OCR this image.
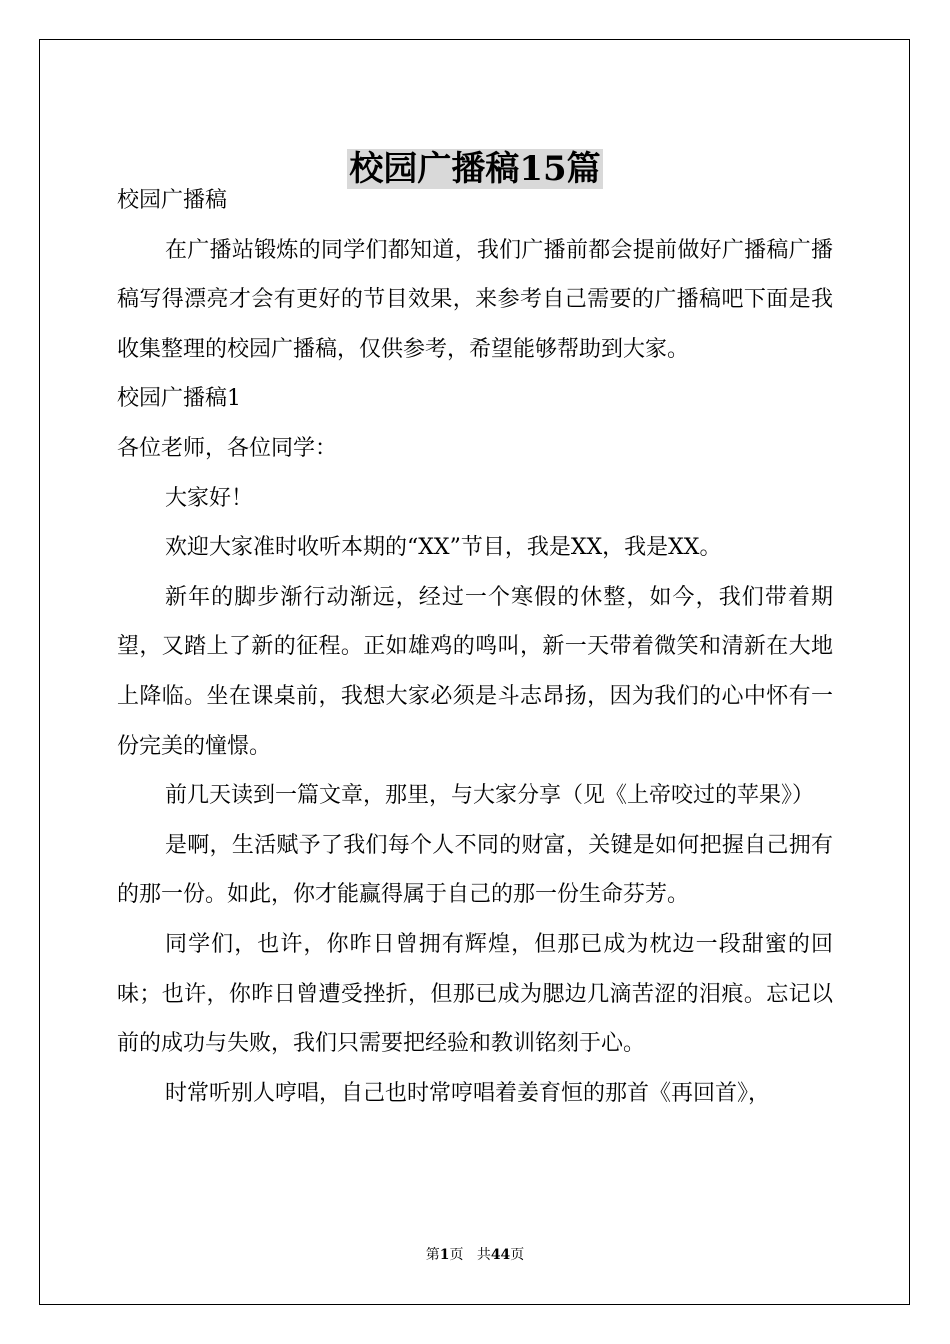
校园广播稿15篇

校园广播稿

在广播站锻炼的同学们都知道，我们广播前都会提前做好广播稿广播稿写得漂亮才会有更好的节目效果，来参考自己需要的广播稿吧下面是我收集整理的校园广播稿，仅供参考，希望能够帮助到大家。

校园广播稿1

各位老师，各位同学：

大家好！

欢迎大家准时收听本期的“XX”节目，我是XX，我是XX。

新年的脚步渐行动渐远，经过一个寒假的休整，如今，我们带着期望，又踏上了新的征程。正如雄鸡的鸣叫，新一天带着微笑和清新在大地上降临。坐在课桌前，我想大家必须是斗志昂扬，因为我们的心中怀有一份完美的憧憬。

前几天读到一篇文章，那里，与大家分享（见《上帝咬过的苹果》）

是啊，生活赋予了我们每个人不同的财富，关键是如何把握自己拥有的那一份。如此，你才能赢得属于自己的那一份生命芬芳。

同学们，也许，你昨日曾拥有辉煌，但那已成为枕边一段甜蜜的回味；也许，你昨日曾遭受挫折，但那已成为腮边几滴苦涩的泪痕。忘记以前的成功与失败，我们只需要把经验和教训铭刻于心。

时常听别人哼唱，自己也时常哼唱着姜育恒的那首《再回首》，

第1页 共44页
